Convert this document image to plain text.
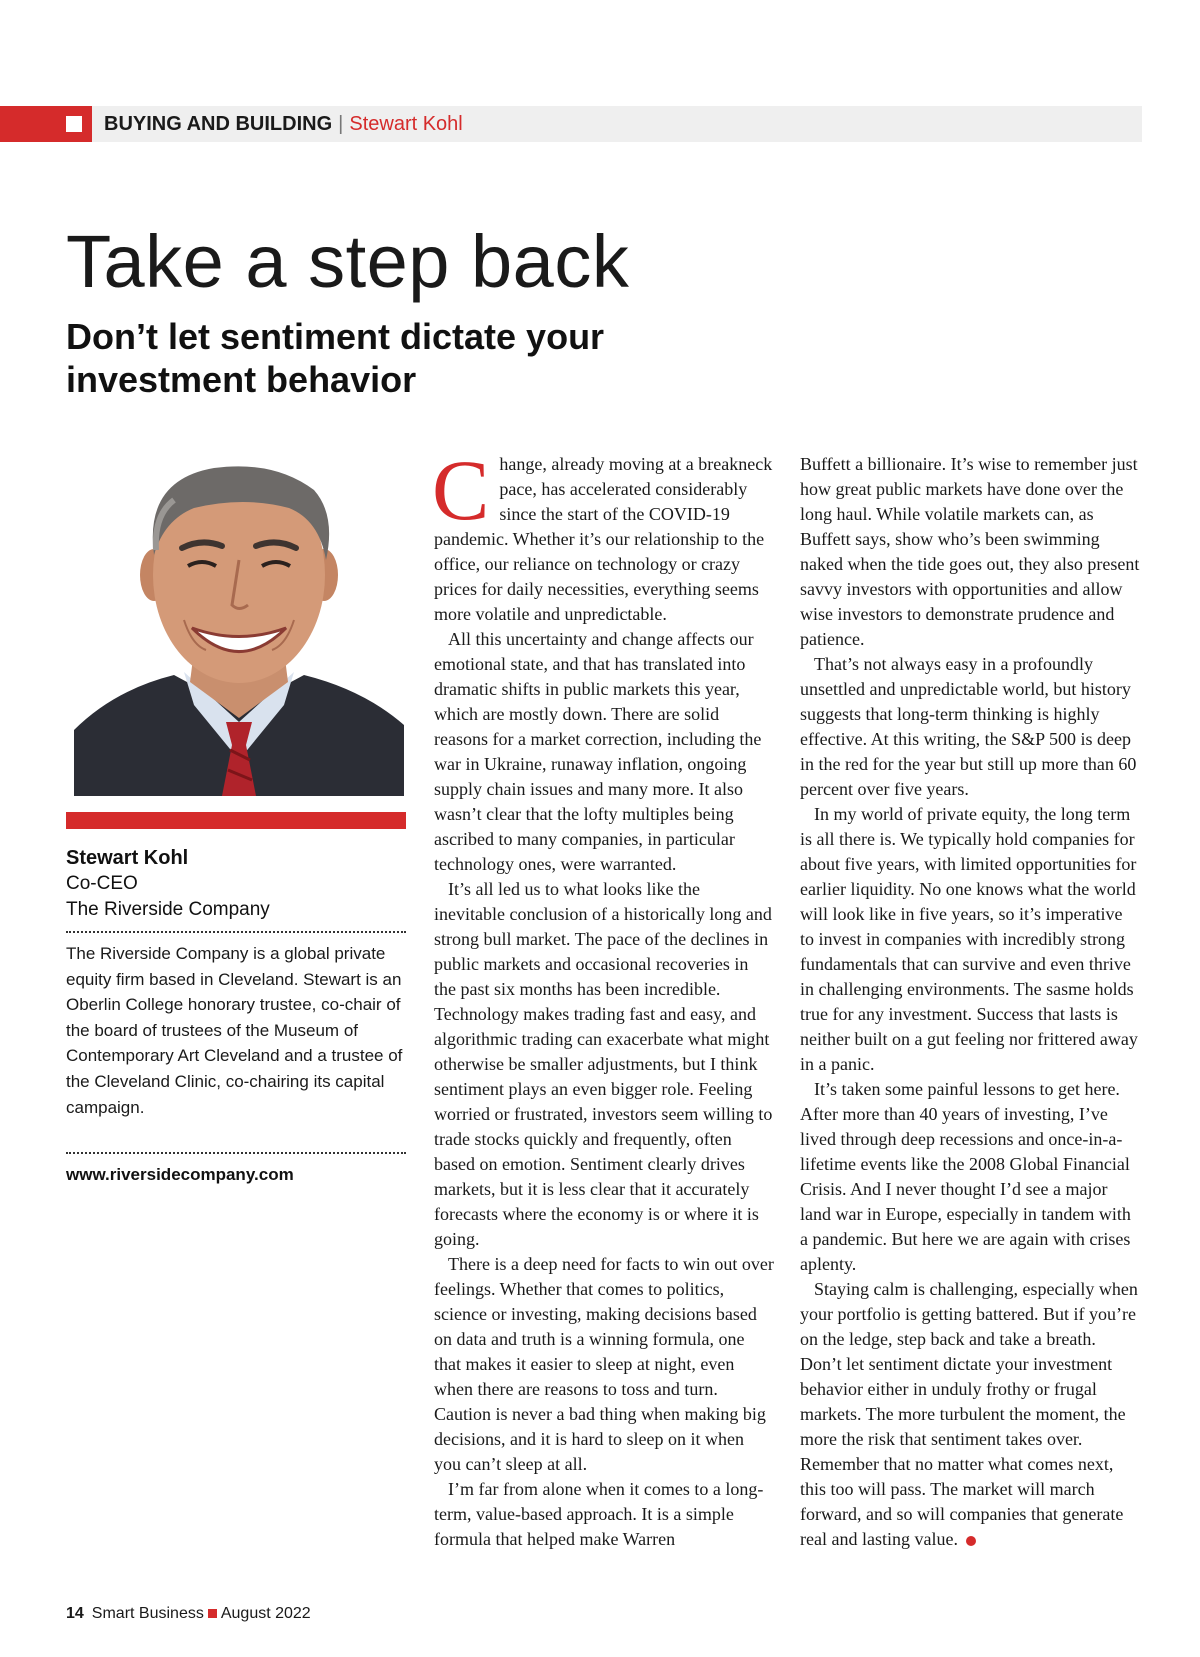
BUYING AND BUILDING | Stewart Kohl
Take a step back
Don’t let sentiment dictate your investment behavior
Stewart Kohl
Co-CEO
The Riverside Company
The Riverside Company is a global private equity firm based in Cleveland. Stewart is an Oberlin College honorary trustee, co-chair of the board of trustees of the Museum of Contemporary Art Cleveland and a trustee of the Cleveland Clinic, co-chairing its capital campaign.
www.riversidecompany.com

Change, already moving at a breakneck pace, has accelerated considerably since the start of the COVID-19 pandemic. Whether it’s our relationship to the office, our reliance on technology or crazy prices for daily necessities, everything seems more volatile and unpredictable.

All this uncertainty and change affects our emotional state, and that has translated into dramatic shifts in public markets this year, which are mostly down. There are solid reasons for a market correction, including the war in Ukraine, runaway inflation, ongoing supply chain issues and many more. It also wasn’t clear that the lofty multiples being ascribed to many companies, in particular technology ones, were warranted.

It’s all led us to what looks like the inevitable conclusion of a historically long and strong bull market. The pace of the declines in public markets and occasional recoveries in the past six months has been incredible. Technology makes trading fast and easy, and algorithmic trading can exacerbate what might otherwise be smaller adjustments, but I think sentiment plays an even bigger role. Feeling worried or frustrated, investors seem willing to trade stocks quickly and frequently, often based on emotion. Sentiment clearly drives markets, but it is less clear that it accurately forecasts where the economy is or where it is going.

There is a deep need for facts to win out over feelings. Whether that comes to politics, science or investing, making decisions based on data and truth is a winning formula, one that makes it easier to sleep at night, even when there are reasons to toss and turn. Caution is never a bad thing when making big decisions, and it is hard to sleep on it when you can’t sleep at all.

I’m far from alone when it comes to a long-term, value-based approach. It is a simple formula that helped make Warren

Buffett a billionaire. It’s wise to remember just how great public markets have done over the long haul. While volatile markets can, as Buffett says, show who’s been swimming naked when the tide goes out, they also present savvy investors with opportunities and allow wise investors to demonstrate prudence and patience.

That’s not always easy in a profoundly unsettled and unpredictable world, but history suggests that long-term thinking is highly effective. At this writing, the S&P 500 is deep in the red for the year but still up more than 60 percent over five years.

In my world of private equity, the long term is all there is. We typically hold companies for about five years, with limited opportunities for earlier liquidity. No one knows what the world will look like in five years, so it’s imperative to invest in companies with incredibly strong fundamentals that can survive and even thrive in challenging environments. The sasme holds true for any investment. Success that lasts is neither built on a gut feeling nor frittered away in a panic.

It’s taken some painful lessons to get here. After more than 40 years of investing, I’ve lived through deep recessions and once-in-a-lifetime events like the 2008 Global Financial Crisis. And I never thought I’d see a major land war in Europe, especially in tandem with a pandemic. But here we are again with crises aplenty.

Staying calm is challenging, especially when your portfolio is getting battered. But if you’re on the ledge, step back and take a breath. Don’t let sentiment dictate your investment behavior either in unduly frothy or frugal markets. The more turbulent the moment, the more the risk that sentiment takes over. Remember that no matter what comes next, this too will pass. The market will march forward, and so will companies that generate real and lasting value.

14 Smart Business August 2022
